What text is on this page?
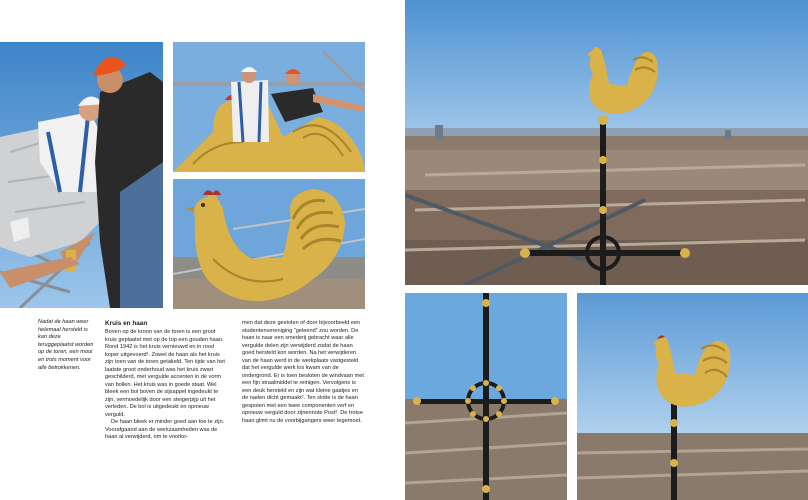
Nadat de haan weer helemaal hersteld is kan deze teruggeplaatst worden op de toren, een mooi en trots moment voor alle betrokkenen.
Kruis en haan

Boven op de kroon van de toren is een groot kruis geplaatst met op de top een gouden haan. Rond 1942 is het kruis vernieuwd en in rood koper uitgevoerd¹. Zowel de haan als het kruis zijn toen van de toren getakeld. Ten tijde van het laatste groot onderhoud was het kruis zwart geschilderd, met vergulde accenten in de vorm van bollen. Het kruis was in goede staat. Wel bleek een bol boven de sijsappel ingedeukt te zijn, vermoedelijk door een steigerpijp uit het verleden. De bol is uitgedeukt en opnieuw verguld.

De haan bleek er minder goed aan toe te zijn. Voorafgaand aan de werkzaamheden was de haan al verwijderd, om te voorko-

men dat deze gestolen of door bijvoorbeeld een studentenvereniging “geleend” zou worden. De haan is naar een smederij gebracht waar alle vergulde delen zijn verwijderd zodat de haan goed hersteld kon worden. Na het verwijderen van de haan werd in de werkplaats vastgesteld dat het vergulde werk los kwam van de ondergrond. Er is toen besloten de windvaan met een fijn straalmiddel te reinigen. Vervolgens is een deuk hersteld en zijn wat kleine gaatjes en de naden dicht gemaakt². Ten slotte is de haan gespoten met een twee componenten verf en opnieuw verguld door zijnennote Post³. De trotse haan glimt nu de voorbijgangers weer tegemoet.
